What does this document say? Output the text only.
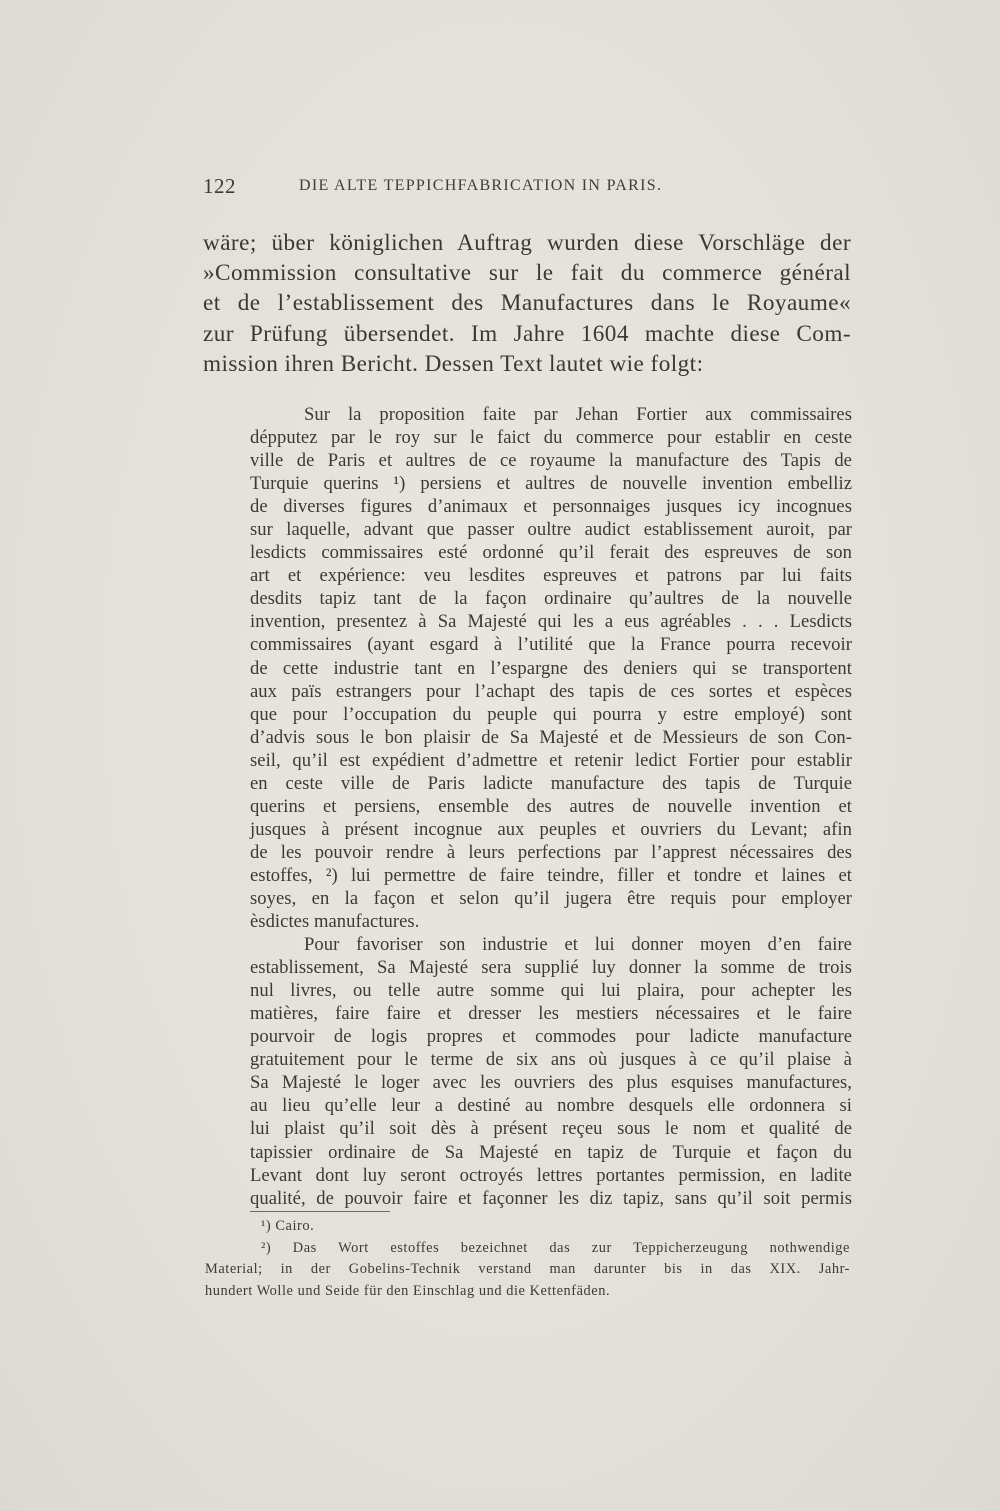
122	DIE ALTE TEPPICHFABRICATION IN PARIS.
wäre; über königlichen Auftrag wurden diese Vorschläge der
»Commission consultative sur le fait du commerce général
et de l’establissement des Manufactures dans le Royaume«
zur Prüfung übersendet. Im Jahre 1604 machte diese Com-
mission ihren Bericht. Dessen Text lautet wie folgt:
Sur la proposition faite par Jehan Fortier aux commissaires
dépputez par le roy sur le faict du commerce pour establir en ceste
ville de Paris et aultres de ce royaume la manufacture des Tapis de
Turquie querins ¹) persiens et aultres de nouvelle invention embelliz
de diverses figures d’animaux et personnaiges jusques icy incognues
sur laquelle, advant que passer oultre audict establissement auroit, par
lesdicts commissaires esté ordonné qu’il ferait des espreuves de son
art et expérience: veu lesdites espreuves et patrons par lui faits
desdits tapiz tant de la façon ordinaire qu’aultres de la nouvelle
invention, presentez à Sa Majesté qui les a eus agréables . . . Lesdicts
commissaires (ayant esgard à l’utilité que la France pourra recevoir
de cette industrie tant en l’espargne des deniers qui se transportent
aux païs estrangers pour l’achapt des tapis de ces sortes et espèces
que pour l’occupation du peuple qui pourra y estre employé) sont
d’advis sous le bon plaisir de Sa Majesté et de Messieurs de son Con-
seil, qu’il est expédient d’admettre et retenir ledict Fortier pour establir
en ceste ville de Paris ladicte manufacture des tapis de Turquie
querins et persiens, ensemble des autres de nouvelle invention et
jusques à présent incognue aux peuples et ouvriers du Levant; afin
de les pouvoir rendre à leurs perfections par l’apprest nécessaires des
estoffes, ²) lui permettre de faire teindre, filler et tondre et laines et
soyes, en la façon et selon qu’il jugera être requis pour employer
èsdictes manufactures.
Pour favoriser son industrie et lui donner moyen d’en faire
establissement, Sa Majesté sera supplié luy donner la somme de trois
nul livres, ou telle autre somme qui lui plaira, pour achepter les
matières, faire faire et dresser les mestiers nécessaires et le faire
pourvoir de logis propres et commodes pour ladicte manufacture
gratuitement pour le terme de six ans où jusques à ce qu’il plaise à
Sa Majesté le loger avec les ouvriers des plus esquises manufactures,
au lieu qu’elle leur a destiné au nombre desquels elle ordonnera si
lui plaist qu’il soit dès à présent reçeu sous le nom et qualité de
tapissier ordinaire de Sa Majesté en tapiz de Turquie et façon du
Levant dont luy seront octroyés lettres portantes permission, en ladite
qualité, de pouvoir faire et façonner les diz tapiz, sans qu’il soit permis
¹) Cairo.
²) Das Wort estoffes bezeichnet das zur Teppicherzeugung nothwendige
Material; in der Gobelins-Technik verstand man darunter bis in das XIX. Jahr-
hundert Wolle und Seide für den Einschlag und die Kettenfäden.
